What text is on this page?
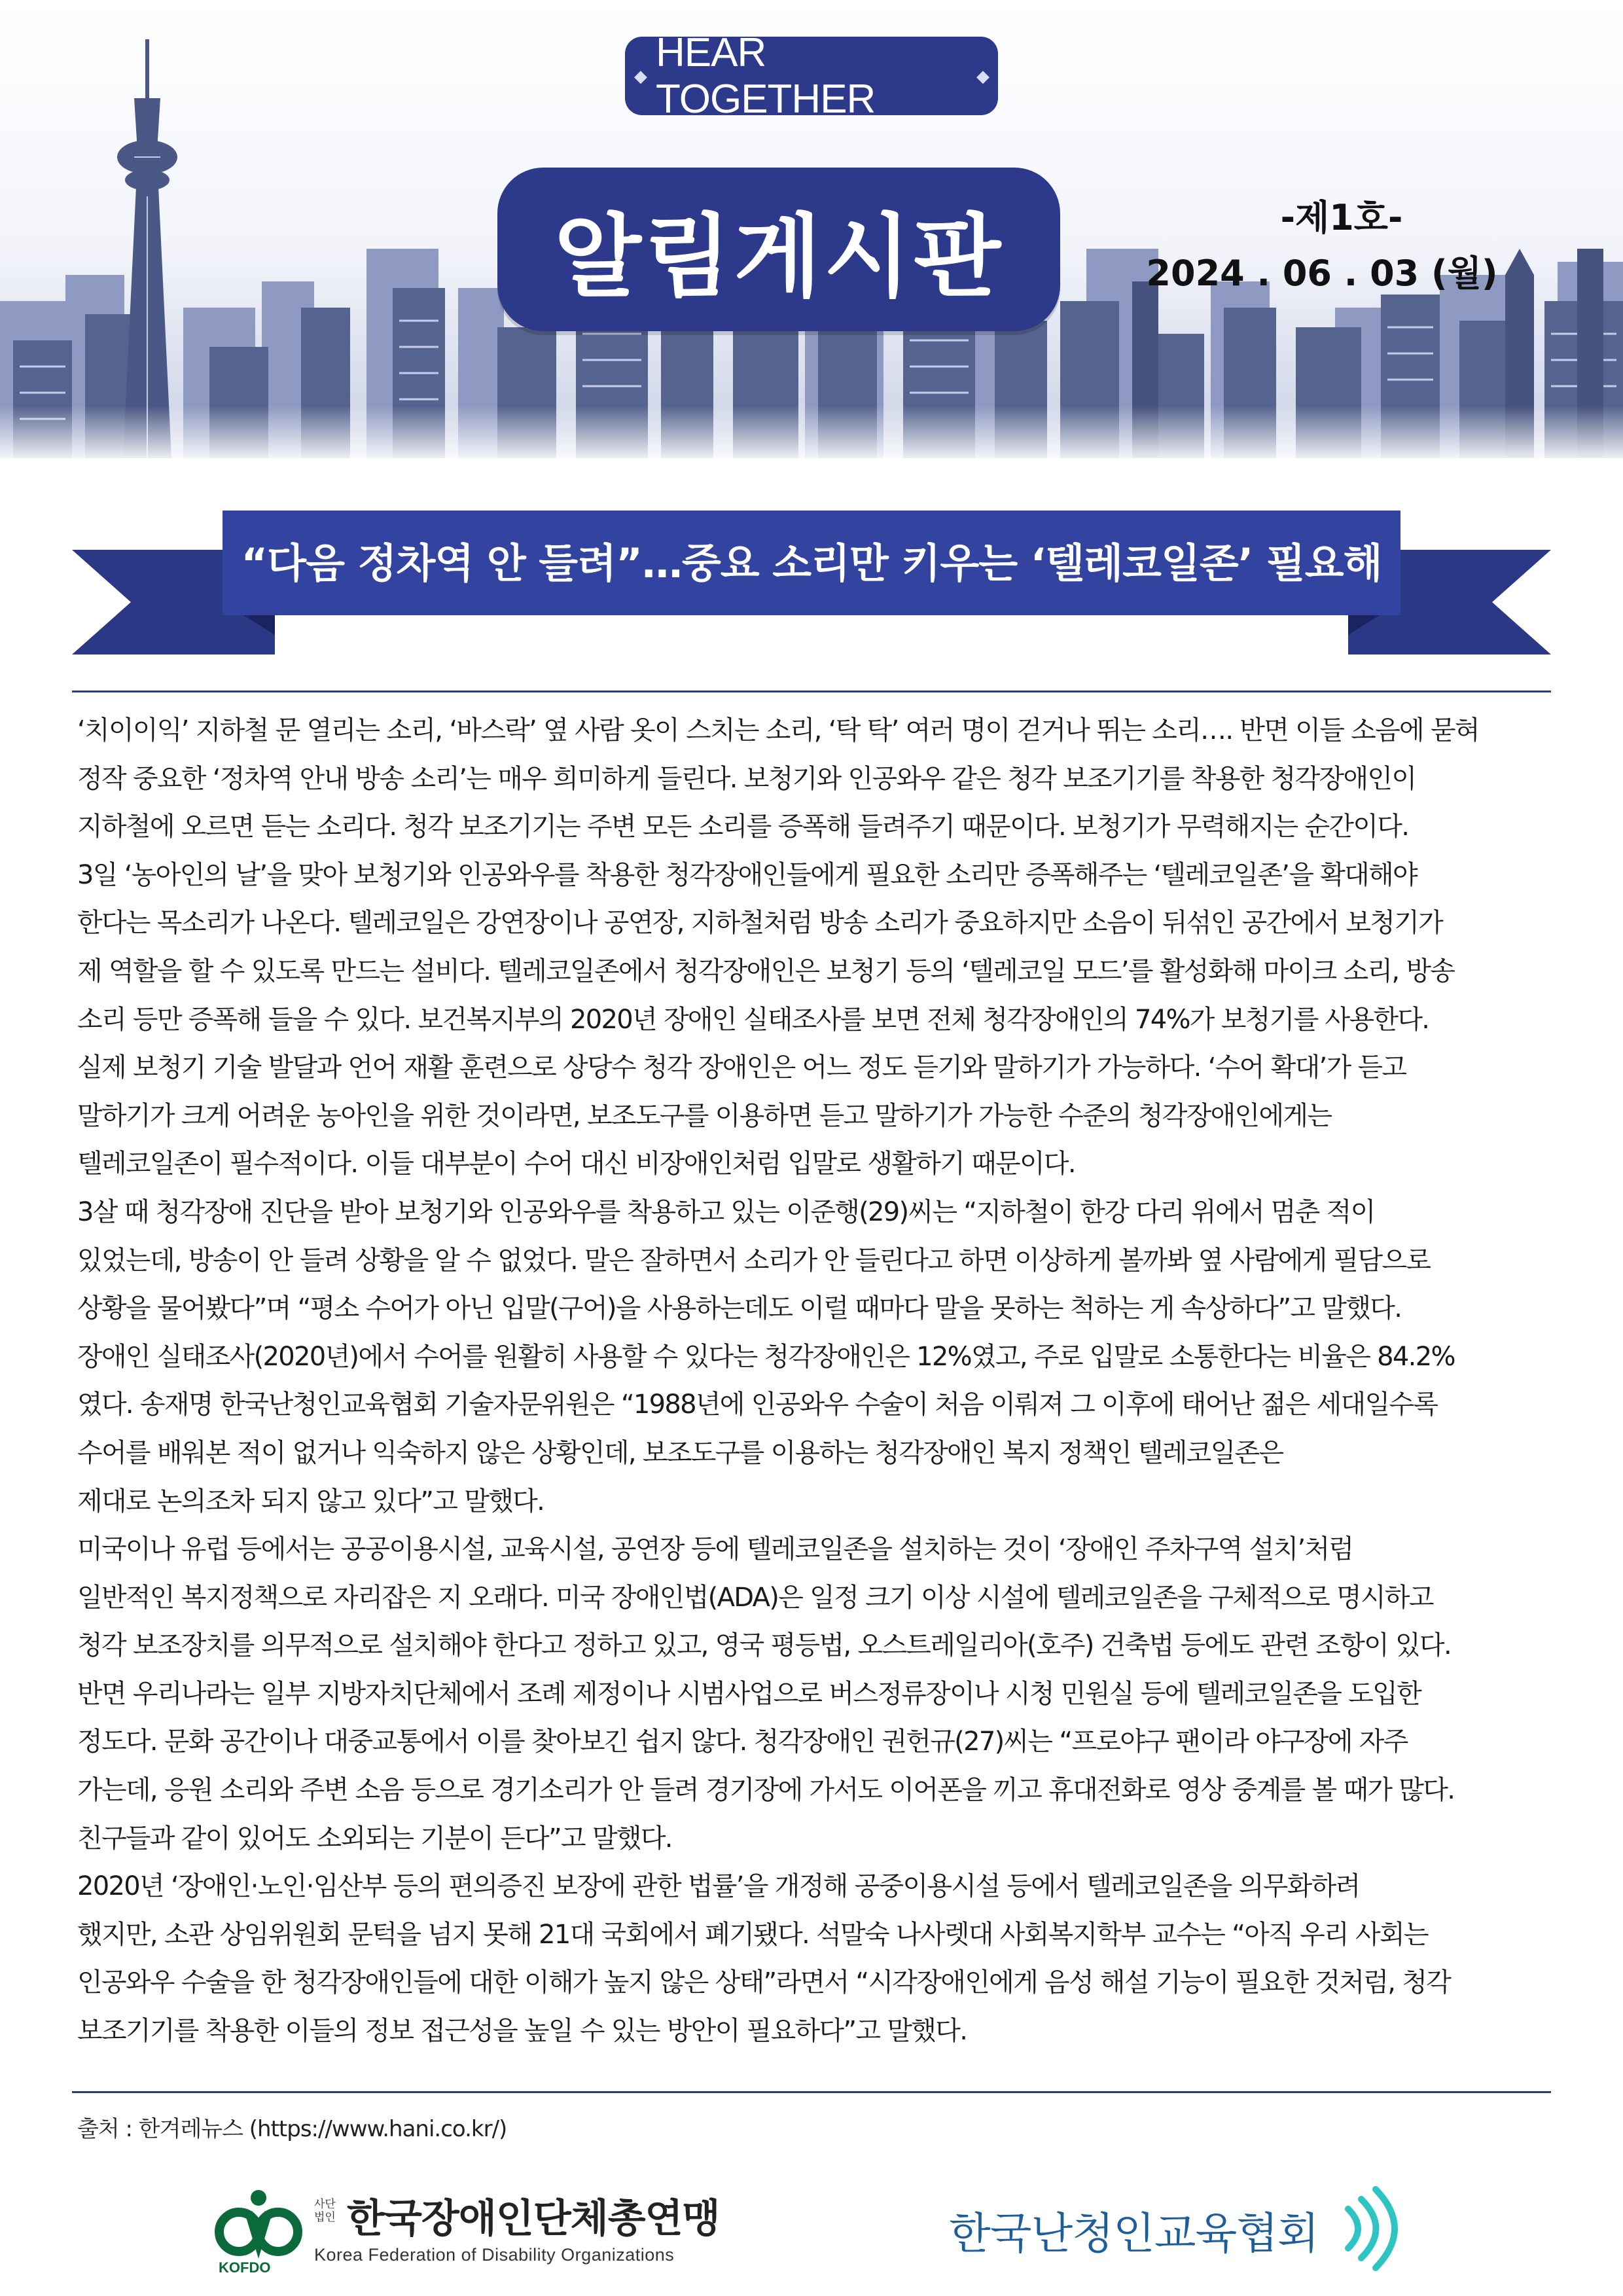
◆
HEAR TOGETHER
◆
알림게시판	-제1호-
2024 . 06 . 03 (월)
“다음 정차역 안 들려”…중요 소리만 키우는 ‘텔레코일존’ 필요해

‘치이이익’ 지하철 문 열리는 소리, ‘바스락’ 옆 사람 옷이 스치는 소리, ‘탁 탁’ 여러 명이 걷거나 뛰는 소리…. 반면 이들 소음에 묻혀

정작 중요한 ‘정차역 안내 방송 소리’는 매우 희미하게 들린다. 보청기와 인공와우 같은 청각 보조기기를 착용한 청각장애인이

지하철에 오르면 듣는 소리다. 청각 보조기기는 주변 모든 소리를 증폭해 들려주기 때문이다. 보청기가 무력해지는 순간이다.

3일 ‘농아인의 날’을 맞아 보청기와 인공와우를 착용한 청각장애인들에게 필요한 소리만 증폭해주는 ‘텔레코일존’을 확대해야

한다는 목소리가 나온다. 텔레코일은 강연장이나 공연장, 지하철처럼 방송 소리가 중요하지만 소음이 뒤섞인 공간에서 보청기가

제 역할을 할 수 있도록 만드는 설비다. 텔레코일존에서 청각장애인은 보청기 등의 ‘텔레코일 모드’를 활성화해 마이크 소리, 방송

소리 등만 증폭해 들을 수 있다. 보건복지부의 2020년 장애인 실태조사를 보면 전체 청각장애인의 74%가 보청기를 사용한다.

실제 보청기 기술 발달과 언어 재활 훈련으로 상당수 청각 장애인은 어느 정도 듣기와 말하기가 가능하다. ‘수어 확대’가 듣고

말하기가 크게 어려운 농아인을 위한 것이라면, 보조도구를 이용하면 듣고 말하기가 가능한 수준의 청각장애인에게는

텔레코일존이 필수적이다. 이들 대부분이 수어 대신 비장애인처럼 입말로 생활하기 때문이다.

3살 때 청각장애 진단을 받아 보청기와 인공와우를 착용하고 있는 이준행(29)씨는 “지하철이 한강 다리 위에서 멈춘 적이

있었는데, 방송이 안 들려 상황을 알 수 없었다. 말은 잘하면서 소리가 안 들린다고 하면 이상하게 볼까봐 옆 사람에게 필담으로

상황을 물어봤다”며 “평소 수어가 아닌 입말(구어)을 사용하는데도 이럴 때마다 말을 못하는 척하는 게 속상하다”고 말했다.

장애인 실태조사(2020년)에서 수어를 원활히 사용할 수 있다는 청각장애인은 12%였고, 주로 입말로 소통한다는 비율은 84.2%

였다. 송재명 한국난청인교육협회 기술자문위원은 “1988년에 인공와우 수술이 처음 이뤄져 그 이후에 태어난 젊은 세대일수록

수어를 배워본 적이 없거나 익숙하지 않은 상황인데, 보조도구를 이용하는 청각장애인 복지 정책인 텔레코일존은

제대로 논의조차 되지 않고 있다”고 말했다.

미국이나 유럽 등에서는 공공이용시설, 교육시설, 공연장 등에 텔레코일존을 설치하는 것이 ‘장애인 주차구역 설치’처럼

일반적인 복지정책으로 자리잡은 지 오래다. 미국 장애인법(ADA)은 일정 크기 이상 시설에 텔레코일존을 구체적으로 명시하고

청각 보조장치를 의무적으로 설치해야 한다고 정하고 있고, 영국 평등법, 오스트레일리아(호주) 건축법 등에도 관련 조항이 있다.

반면 우리나라는 일부 지방자치단체에서 조례 제정이나 시범사업으로 버스정류장이나 시청 민원실 등에 텔레코일존을 도입한

정도다. 문화 공간이나 대중교통에서 이를 찾아보긴 쉽지 않다. 청각장애인 권헌규(27)씨는 “프로야구 팬이라 야구장에 자주

가는데, 응원 소리와 주변 소음 등으로 경기소리가 안 들려 경기장에 가서도 이어폰을 끼고 휴대전화로 영상 중계를 볼 때가 많다.

친구들과 같이 있어도 소외되는 기분이 든다”고 말했다.

2020년 ‘장애인·노인·임산부 등의 편의증진 보장에 관한 법률’을 개정해 공중이용시설 등에서 텔레코일존을 의무화하려

했지만, 소관 상임위원회 문턱을 넘지 못해 21대 국회에서 폐기됐다. 석말숙 나사렛대 사회복지학부 교수는 “아직 우리 사회는

인공와우 수술을 한 청각장애인들에 대한 이해가 높지 않은 상태”라면서 “시각장애인에게 음성 해설 기능이 필요한 것처럼, 청각

보조기기를 착용한 이들의 정보 접근성을 높일 수 있는 방안이 필요하다”고 말했다.

출처 : 한겨레뉴스 (https://www.hani.co.kr/)
KOFDO
사단
법인 한국장애인단체총연맹
Korea Federation of Disability Organizations	한국난청인교육협회
